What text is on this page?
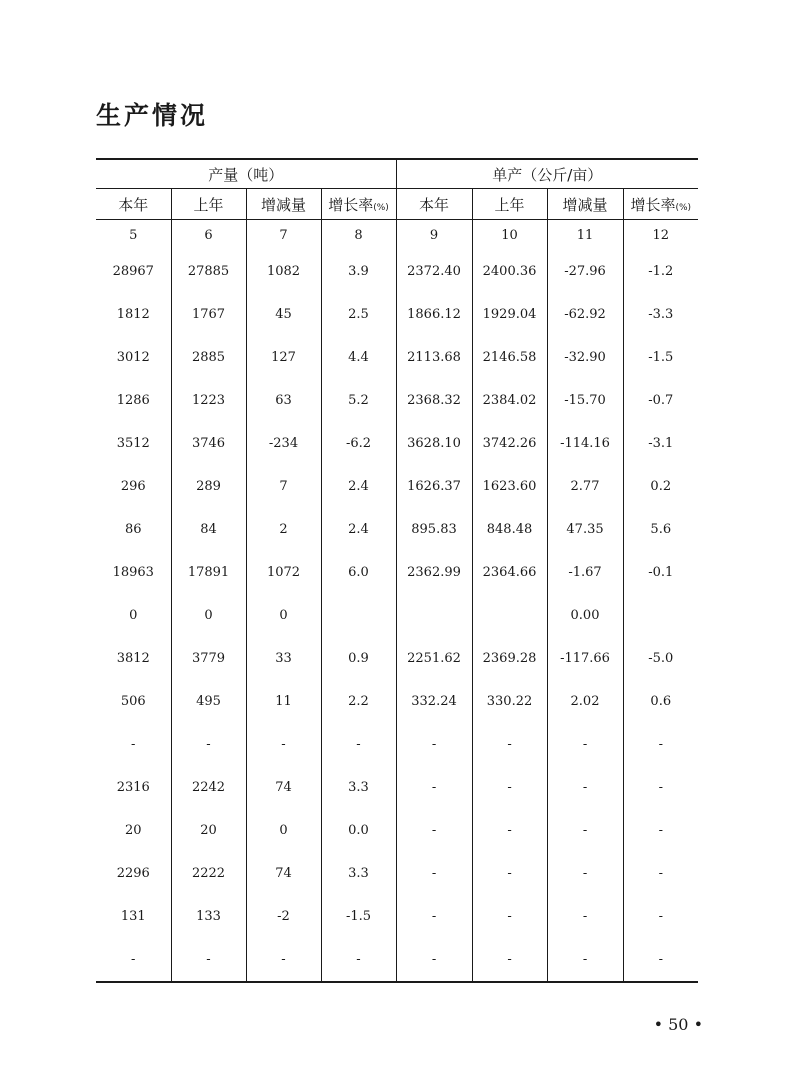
生产情况
产量（吨）				单产（公斤/亩）			
本年	上年	增减量	增长率(%)	本年	上年	增减量	增长率(%)
5	6	7	8	9	10	11	12
28967	27885	1082	3.9	2372.40	2400.36	-27.96	-1.2
1812	1767	45	2.5	1866.12	1929.04	-62.92	-3.3
3012	2885	127	4.4	2113.68	2146.58	-32.90	-1.5
1286	1223	63	5.2	2368.32	2384.02	-15.70	-0.7
3512	3746	-234	-6.2	3628.10	3742.26	-114.16	-3.1
296	289	7	2.4	1626.37	1623.60	2.77	0.2
86	84	2	2.4	895.83	848.48	47.35	5.6
18963	17891	1072	6.0	2362.99	2364.66	-1.67	-0.1
0	0	0				0.00	
3812	3779	33	0.9	2251.62	2369.28	-117.66	-5.0
506	495	11	2.2	332.24	330.22	2.02	0.6
-	-	-	-	-	-	-	-
2316	2242	74	3.3	-	-	-	-
20	20	0	0.0	-	-	-	-
2296	2222	74	3.3	-	-	-	-
131	133	-2	-1.5	-	-	-	-
-	-	-	-	-	-	-	-
• 50 •
